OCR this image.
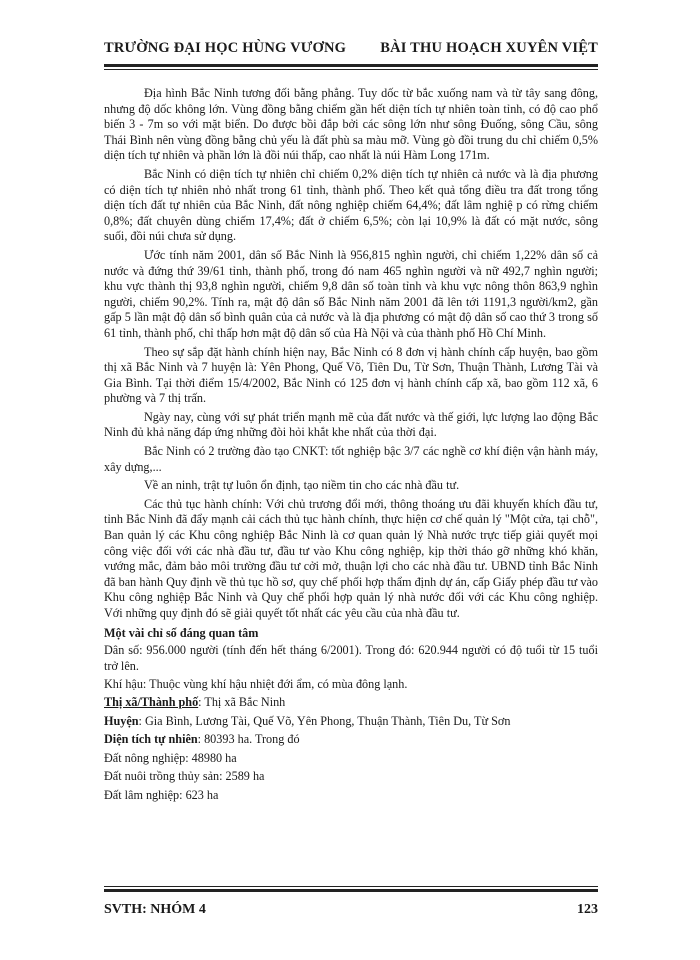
TRƯỜNG ĐẠI HỌC HÙNG VƯƠNG BÀI THU HOẠCH XUYÊN VIỆT

Địa hình Bắc Ninh tương đối bằng phẳng. Tuy dốc từ bắc xuống nam và từ tây sang đông, nhưng độ dốc không lớn. Vùng đồng bằng chiếm gần hết diện tích tự nhiên toàn tỉnh, có độ cao phổ biến 3 - 7m so với mặt biển. Do được bồi đắp bởi các sông lớn như sông Đuống, sông Cầu, sông Thái Bình nên vùng đồng bằng chủ yếu là đất phù sa màu mỡ. Vùng gò đồi trung du chỉ chiếm 0,5% diện tích tự nhiên và phần lớn là đồi núi thấp, cao nhất là núi Hàm Long 171m.

Bắc Ninh có diện tích tự nhiên chỉ chiếm 0,2% diện tích tự nhiên cả nước và là địa phương có diện tích tự nhiên nhỏ nhất trong 61 tỉnh, thành phố. Theo kết quả tổng điều tra đất trong tổng diện tích đất tự nhiên của Bắc Ninh, đất nông nghiệp chiếm 64,4%; đất lâm nghiệ p có rừng chiếm 0,8%; đất chuyên dùng chiếm 17,4%; đất ở chiếm 6,5%; còn lại 10,9% là đất có mặt nước, sông suối, đồi núi chưa sử dụng.

Ước tính năm 2001, dân số Bắc Ninh là 956,815 nghìn người, chỉ chiếm 1,22% dân số cả nước và đứng thứ 39/61 tỉnh, thành phố, trong đó nam 465 nghìn người và nữ 492,7 nghìn người; khu vực thành thị 93,8 nghìn người, chiếm 9,8 dân số toàn tỉnh và khu vực nông thôn 863,9 nghìn người, chiếm 90,2%. Tính ra, mật độ dân số Bắc Ninh năm 2001 đã lên tới 1191,3 người/km2, gần gấp 5 lần mật độ dân số bình quân của cả nước và là địa phương có mật độ dân số cao thứ 3 trong số 61 tỉnh, thành phố, chỉ thấp hơn mật độ dân số của Hà Nội và của thành phố Hồ Chí Minh.

Theo sự sắp đặt hành chính hiện nay, Bắc Ninh có 8 đơn vị hành chính cấp huyện, bao gồm thị xã Bắc Ninh và 7 huyện là: Yên Phong, Quế Võ, Tiên Du, Từ Sơn, Thuận Thành, Lương Tài và Gia Bình. Tại thời điểm 15/4/2002, Bắc Ninh có 125 đơn vị hành chính cấp xã, bao gồm 112 xã, 6 phường và 7 thị trấn.

Ngày nay, cùng với sự phát triển mạnh mẽ của đất nước và thế giới, lực lượng lao động Bắc Ninh đủ khả năng đáp ứng những đòi hỏi khắt khe nhất của thời đại.

Bắc Ninh có 2 trường đào tạo CNKT: tốt nghiệp bậc 3/7 các nghề cơ khí điện vận hành máy, xây dựng,...

Về an ninh, trật tự luôn ổn định, tạo niềm tin cho các nhà đầu tư.

Các thủ tục hành chính: Với chủ trương đổi mới, thông thoáng ưu đãi khuyến khích đầu tư, tỉnh Bắc Ninh đã đẩy mạnh cải cách thủ tục hành chính, thực hiện cơ chế quản lý "Một cửa, tại chỗ", Ban quản lý các Khu công nghiệp Bắc Ninh là cơ quan quản lý Nhà nước trực tiếp giải quyết mọi công việc đối với các nhà đầu tư, đầu tư vào Khu công nghiệp, kịp thời tháo gỡ những khó khăn, vướng mắc, đảm bảo môi trường đầu tư cởi mở, thuận lợi cho các nhà đầu tư. UBND tỉnh Bắc Ninh đã ban hành Quy định về thủ tục hồ sơ, quy chế phối hợp thẩm định dự án, cấp Giấy phép đầu tư vào Khu công nghiệp Bắc Ninh và Quy chế phối hợp quản lý nhà nước đối với các Khu công nghiệp. Với những quy định đó sẽ giải quyết tốt nhất các yêu cầu của nhà đầu tư.

Một vài chỉ số đáng quan tâm

Dân số: 956.000 người (tính đến hết tháng 6/2001). Trong đó: 620.944 người có độ tuổi từ 15 tuổi trở lên.

Khí hậu: Thuộc vùng khí hậu nhiệt đới ẩm, có mùa đông lạnh.

Thị xã/Thành phố: Thị xã Bắc Ninh

Huyện: Gia Bình, Lương Tài, Quế Võ, Yên Phong, Thuận Thành, Tiên Du, Từ Sơn

Diện tích tự nhiên: 80393 ha. Trong đó

Đất nông nghiệp: 48980 ha

Đất nuôi trồng thủy sản: 2589 ha

Đất lâm nghiệp: 623 ha

SVTH: NHÓM 4	123
